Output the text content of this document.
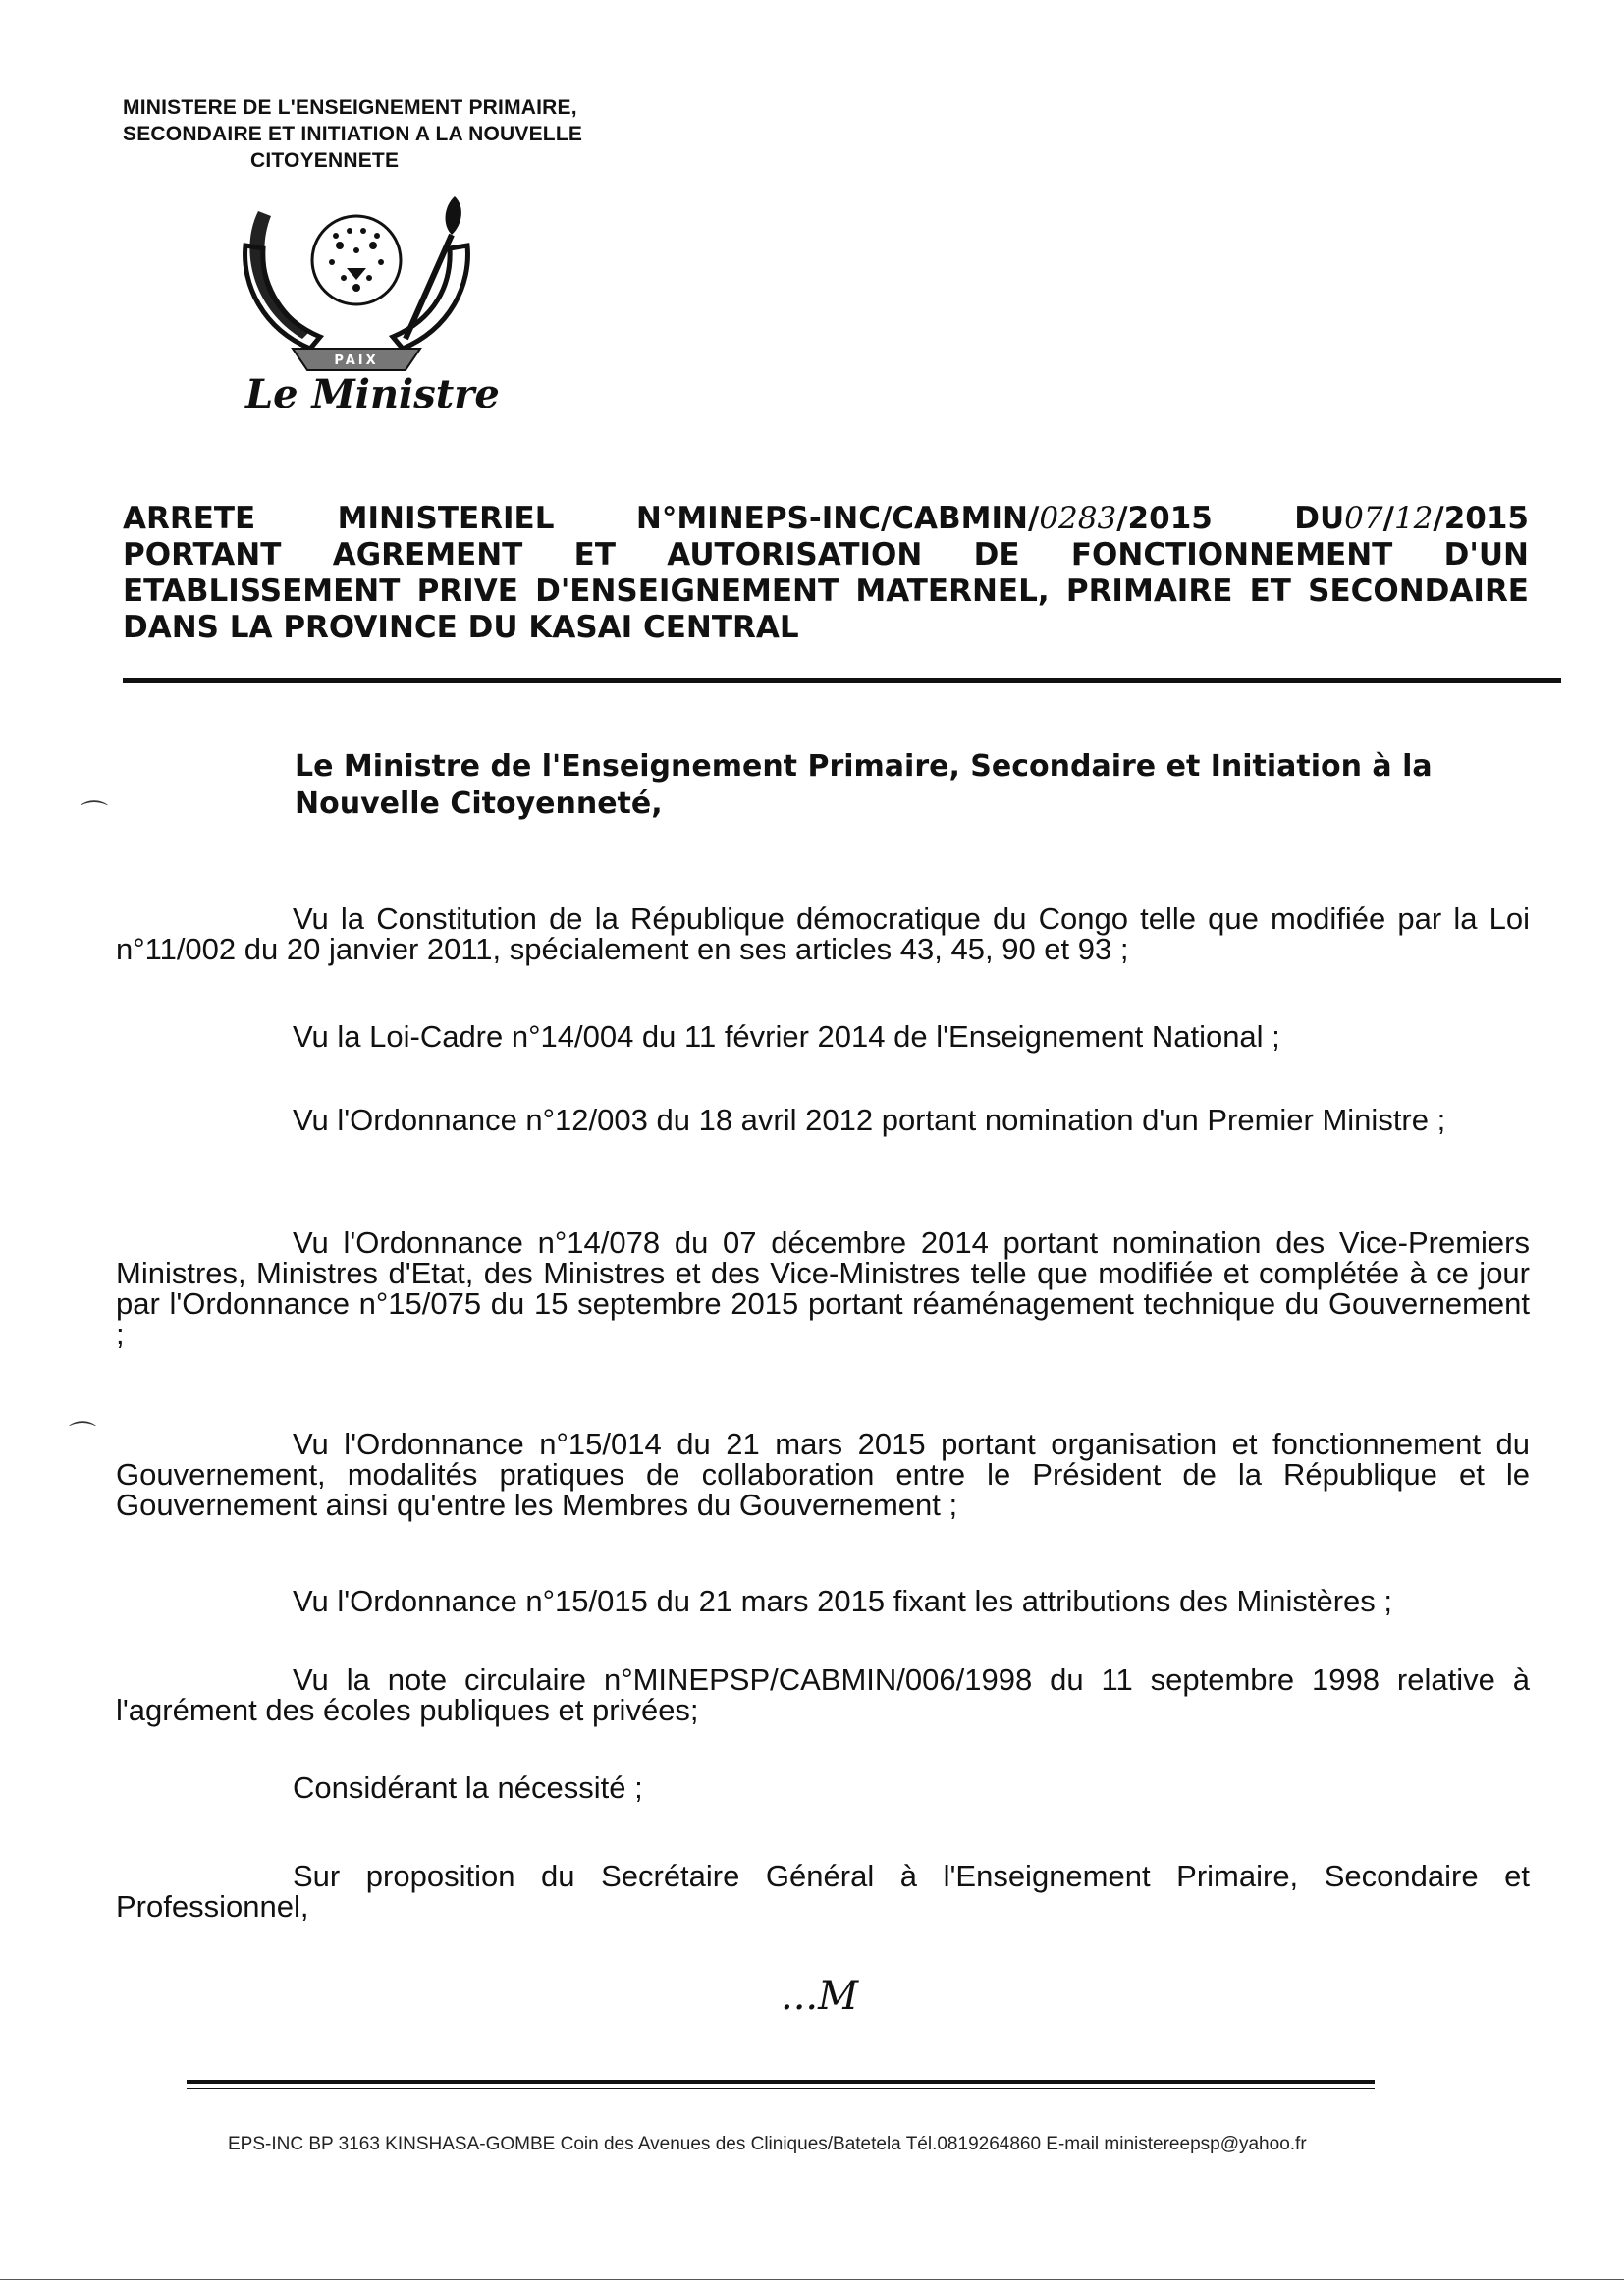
MINISTERE DE L'ENSEIGNEMENT PRIMAIRE,
SECONDAIRE ET INITIATION A LA NOUVELLE

CITOYENNETE
PAIX
Le Ministre
ARRETE MINISTERIEL N°MINEPS-INC/CABMIN/0283/2015 DU07/12/2015
PORTANT AGREMENT ET AUTORISATION DE FONCTIONNEMENT D'UN
ETABLISSEMENT PRIVE D'ENSEIGNEMENT MATERNEL, PRIMAIRE ET SECONDAIRE
DANS LA PROVINCE DU KASAI CENTRAL
⌒
⌒
Le Ministre de l'Enseignement Primaire, Secondaire et Initiation à la Nouvelle Citoyenneté,

Vu la Constitution de la République démocratique du Congo telle que modifiée par la Loi n°11/002 du 20 janvier 2011, spécialement en ses articles 43, 45, 90 et 93 ;

Vu la Loi-Cadre n°14/004 du 11 février 2014 de l'Enseignement National ;

Vu l'Ordonnance n°12/003 du 18 avril 2012 portant nomination d'un Premier Ministre ;

Vu l'Ordonnance n°14/078 du 07 décembre 2014 portant nomination des Vice-Premiers Ministres, Ministres d'Etat, des Ministres et des Vice-Ministres telle que modifiée et complétée à ce jour par l'Ordonnance n°15/075 du 15 septembre 2015 portant réaménagement technique du Gouvernement ;

Vu l'Ordonnance n°15/014 du 21 mars 2015 portant organisation et fonctionnement du Gouvernement, modalités pratiques de collaboration entre le Président de la République et le Gouvernement ainsi qu'entre les Membres du Gouvernement ;

Vu l'Ordonnance n°15/015 du 21 mars 2015 fixant les attributions des Ministères ;

Vu la note circulaire n°MINEPSP/CABMIN/006/1998 du 11 septembre 1998 relative à l'agrément des écoles publiques et privées;

Considérant la nécessité ;

Sur proposition du Secrétaire Général à l'Enseignement Primaire, Secondaire et Professionnel,

...M
EPS-INC BP 3163 KINSHASA-GOMBE Coin des Avenues des Cliniques/Batetela Tél.0819264860 E-mail ministereepsp@yahoo.fr
